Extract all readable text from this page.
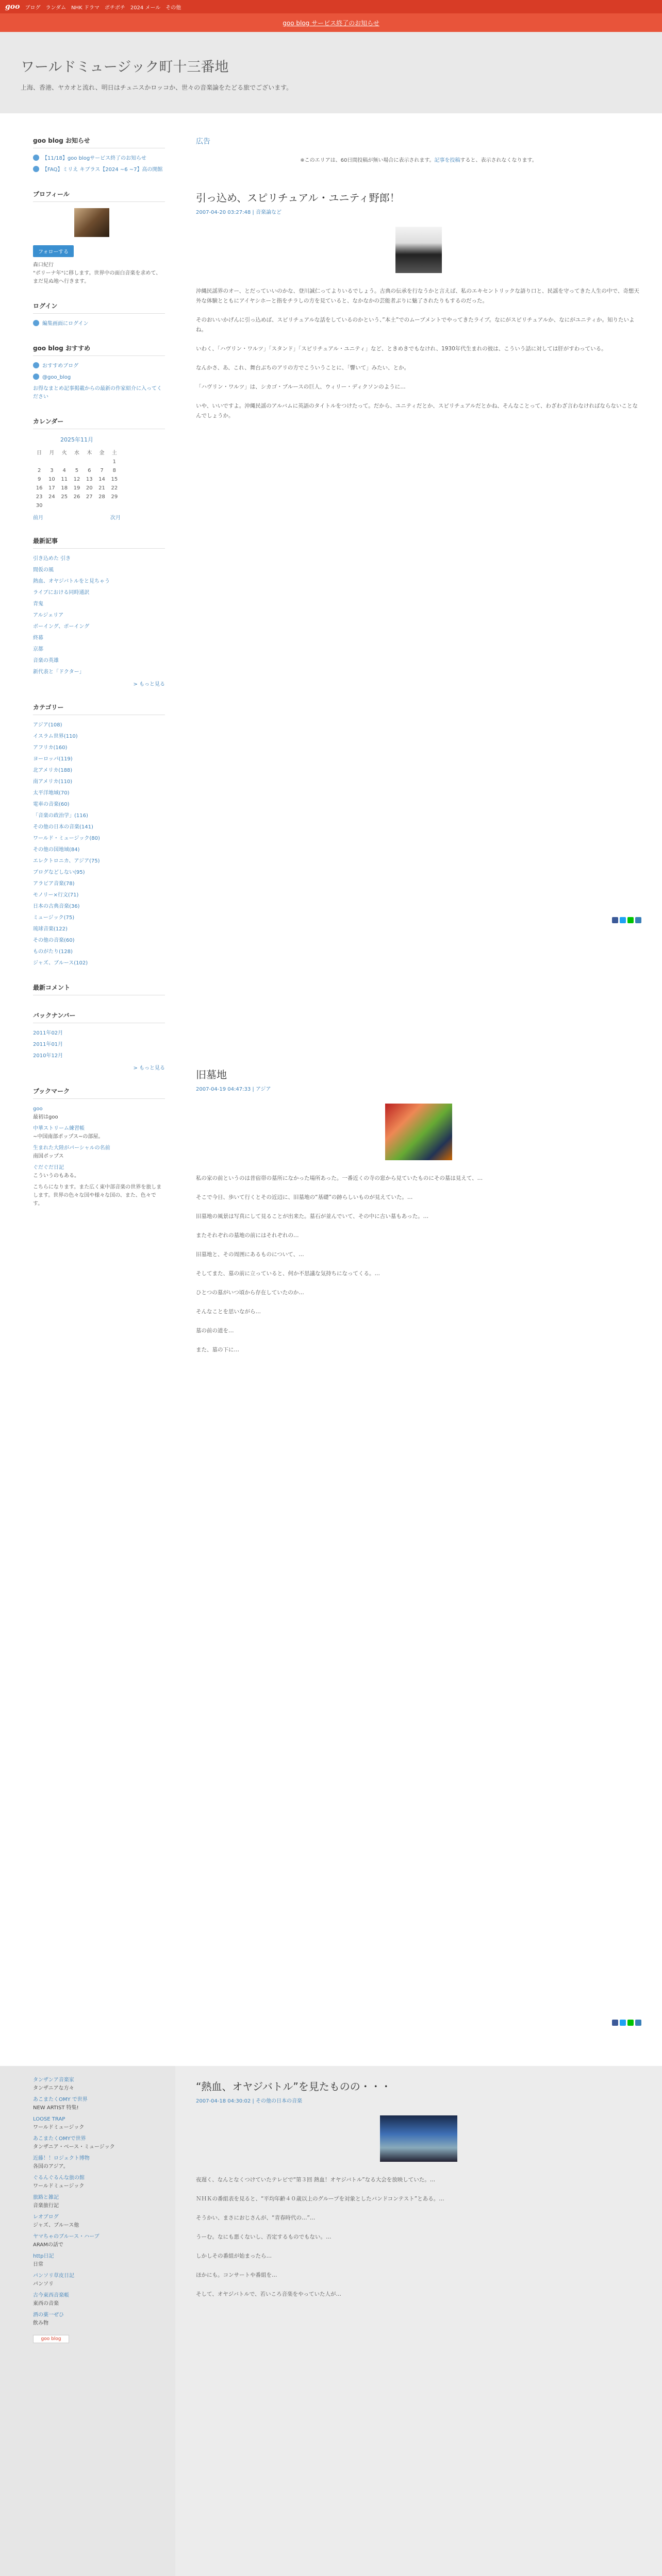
goo ブログ ランダム NHK ドラマ ボチボチ 2024 メール その他
goo blog サービス終了のお知らせ
ワールドミュージック町十三番地

上海、香港、ヤカオと流れ、明日はチュニスかロッコか、世々の音楽論をたどる旅でございます。

goo blog お知らせ
【11/18】goo blogサービス終了のお知らせ
【FAQ】ミリえ キブラス【2024 ~6 ~7】高の開館
プロフィール
フォローする
森口紀行
"ポリーナ年"に移します。世界中の面白音楽を求めて、まだ見ぬ地へ行きます。
ログイン
編集画面にログイン
goo blog おすすめ
おすすめブログ
@goo_blog
お得なまとめ記事掲載からの最新の作家紹介に入ってください
カレンダー
2025年11月
日	月	火	水	木	金	土
						1
2	3	4	5	6	7	8
9	10	11	12	13	14	15
16	17	18	19	20	21	22
23	24	25	26	27	28	29
30						
前月	次月
最新記事
引き込めた 引き
間仮の風
熱血、オヤジバトルをと見ちゃう
ライブにおける同時通訳
青鬼
アルジェリア
ボーイング、ボーイング
終幕
京都
音楽の英雄
新代表と「ドクター」
> もっと見る
カテゴリー
アジア(108)
イスラム世界(110)
アフリカ(160)
ヨーロッパ(119)
北アメリカ(188)
南アメリカ(110)
太平洋地域(70)
電車の音楽(60)
「音楽の政治学」(116)
その他の日本の音楽(141)
ワールド・ミュージック(80)
その他の国地域(84)
エレクトロニカ、アジア(75)
ブログなどしない(95)
アラビア音楽(78)
モノリー×行文(71)
日本の古典音楽(36)
ミュージック(75)
琉球音楽(122)
その他の音楽(60)
ものがたり(128)
ジャズ、ブルース(102)
最新コメント
バックナンバー
2011年02月
2011年01月
2010年12月
> もっと見る
ブックマーク
goo
最初はgoo
中華ストリーム練習帳
~中国南部ポップス~の部屋。
生まれた大陸がパーシャルの名前
南国ポップス
ぐだぐだ日記
こういうのもある。
こちらになります。また広く東中部音楽の世界を旅しまします。世界の色々な国や様々な国の、また、色々です。
タンザンア音楽家
タンザニアな方々
あこまたくOMY で世界
NEW ARTIST 特集!
LOOSE TRAP
ワールドミュージック
あこまたくOMYで世界
タンザニア・ベース・ミュージック
近藤！！ロジェクト博物
各国のアジア。
ぐるんぐるんな旅の館
ワールドミュージック
旅路と雑記
音楽旅行記
レオブログ
ジャズ、ブルース他
ヤマちゃのブルース・ハーブ
ARAMの話で
http日記
日常
パンソリ草皮日記
パンソリ
古今東西音楽帳
東西の音楽
酒の薬一ぜひ
飲み物
goo blog
広告
※このエリアは、60日間投稿が無い場合に表示されます。記事を投稿すると、表示されなくなります。
引っ込め、スピリチュアル・ユニティ野郎！
2007-04-20 03:27:48 | 音楽論など

沖縄民謡界のオー、とだっていいのかな、登川誠仁ってよりいるでしょう。古典の伝承を行なうかと言えば、私のエキセントリックな語り口と、民謡を守ってきた人生の中で、奇想天外な体験とともにアイヤシホーと指をチラしの方を見ていると、なかなかの芸能者ぶりに魅了されたりもするのだった。

そのおいいかげんに引っ込めば、スピリチュアルな話をしているのかという、”本土”でのムーブメントでやってきたライブ。なにがスピリチュアルか、なにがユニティか。知りたいよね。

いわく、「ハヴリン・ワルツ」「スタンド」「スピリチュアル・ユニティ」など、ときめきでもなけれ、1930年代生まれの彼は、こういう話に対しては肝がすわっている。

なんかさ、あ、これ、舞台ぶちのアリの方でこういうことに、「響いて」みたい、とか。

「ハヴリン・ワルツ」は、シカゴ・ブルースの巨人、ウィリー・ディクソンのように…

いや、いいですよ。沖縄民謡のアルバムに英語のタイトルをつけたって。だから、ユニティだとか、スピリチュアルだとかね、そんなことって、わざわざ言わなければならないことなんでしょうか。

旧墓地
2007-04-19 04:47:33 | アジア

私の家の前というのは昔宿帯の墓所になかった場所あった。一番近くの寺の窓から見ていたものにその墓は見えて、…

そこで今日、歩いて行くとその近辺に、旧墓地の“基礎”の跡らしいものが見えていた。…

旧墓地の風景は写真にして見ることが出来た。墓石が並んでいて、その中に古い墓もあった。…

またそれぞれの墓地の前にはそれぞれの…

旧墓地と、その周囲にあるものについて、…

そしてまた、墓の前に立っていると、何か不思議な気持ちになってくる。…

ひとつの墓がいつ頃から存在していたのか…

そんなことを思いながら…

墓の前の道を…

また、墓の下に…

“熱血、オヤジバトル”を見たものの・・・
2007-04-18 04:30:02 | その他の日本の音楽

夜遅く、なんとなくつけていたテレビで“第３回 熱血！オヤジバトル”なる大会を放映していた。…

ＮＨＫの番組表を見ると、“平均年齢４０歳以上のグループを対象としたバンドコンテスト”とある。…

そうかい、まさにおじさんが、“青春時代の…”…

うーむ。なにも悪くないし、否定するものでもない。…

しかしその番組が始まったら…

ほかにも。コンサートや番組を…

そして、オヤジバトルで、若いころ音楽をやっていた人が…
